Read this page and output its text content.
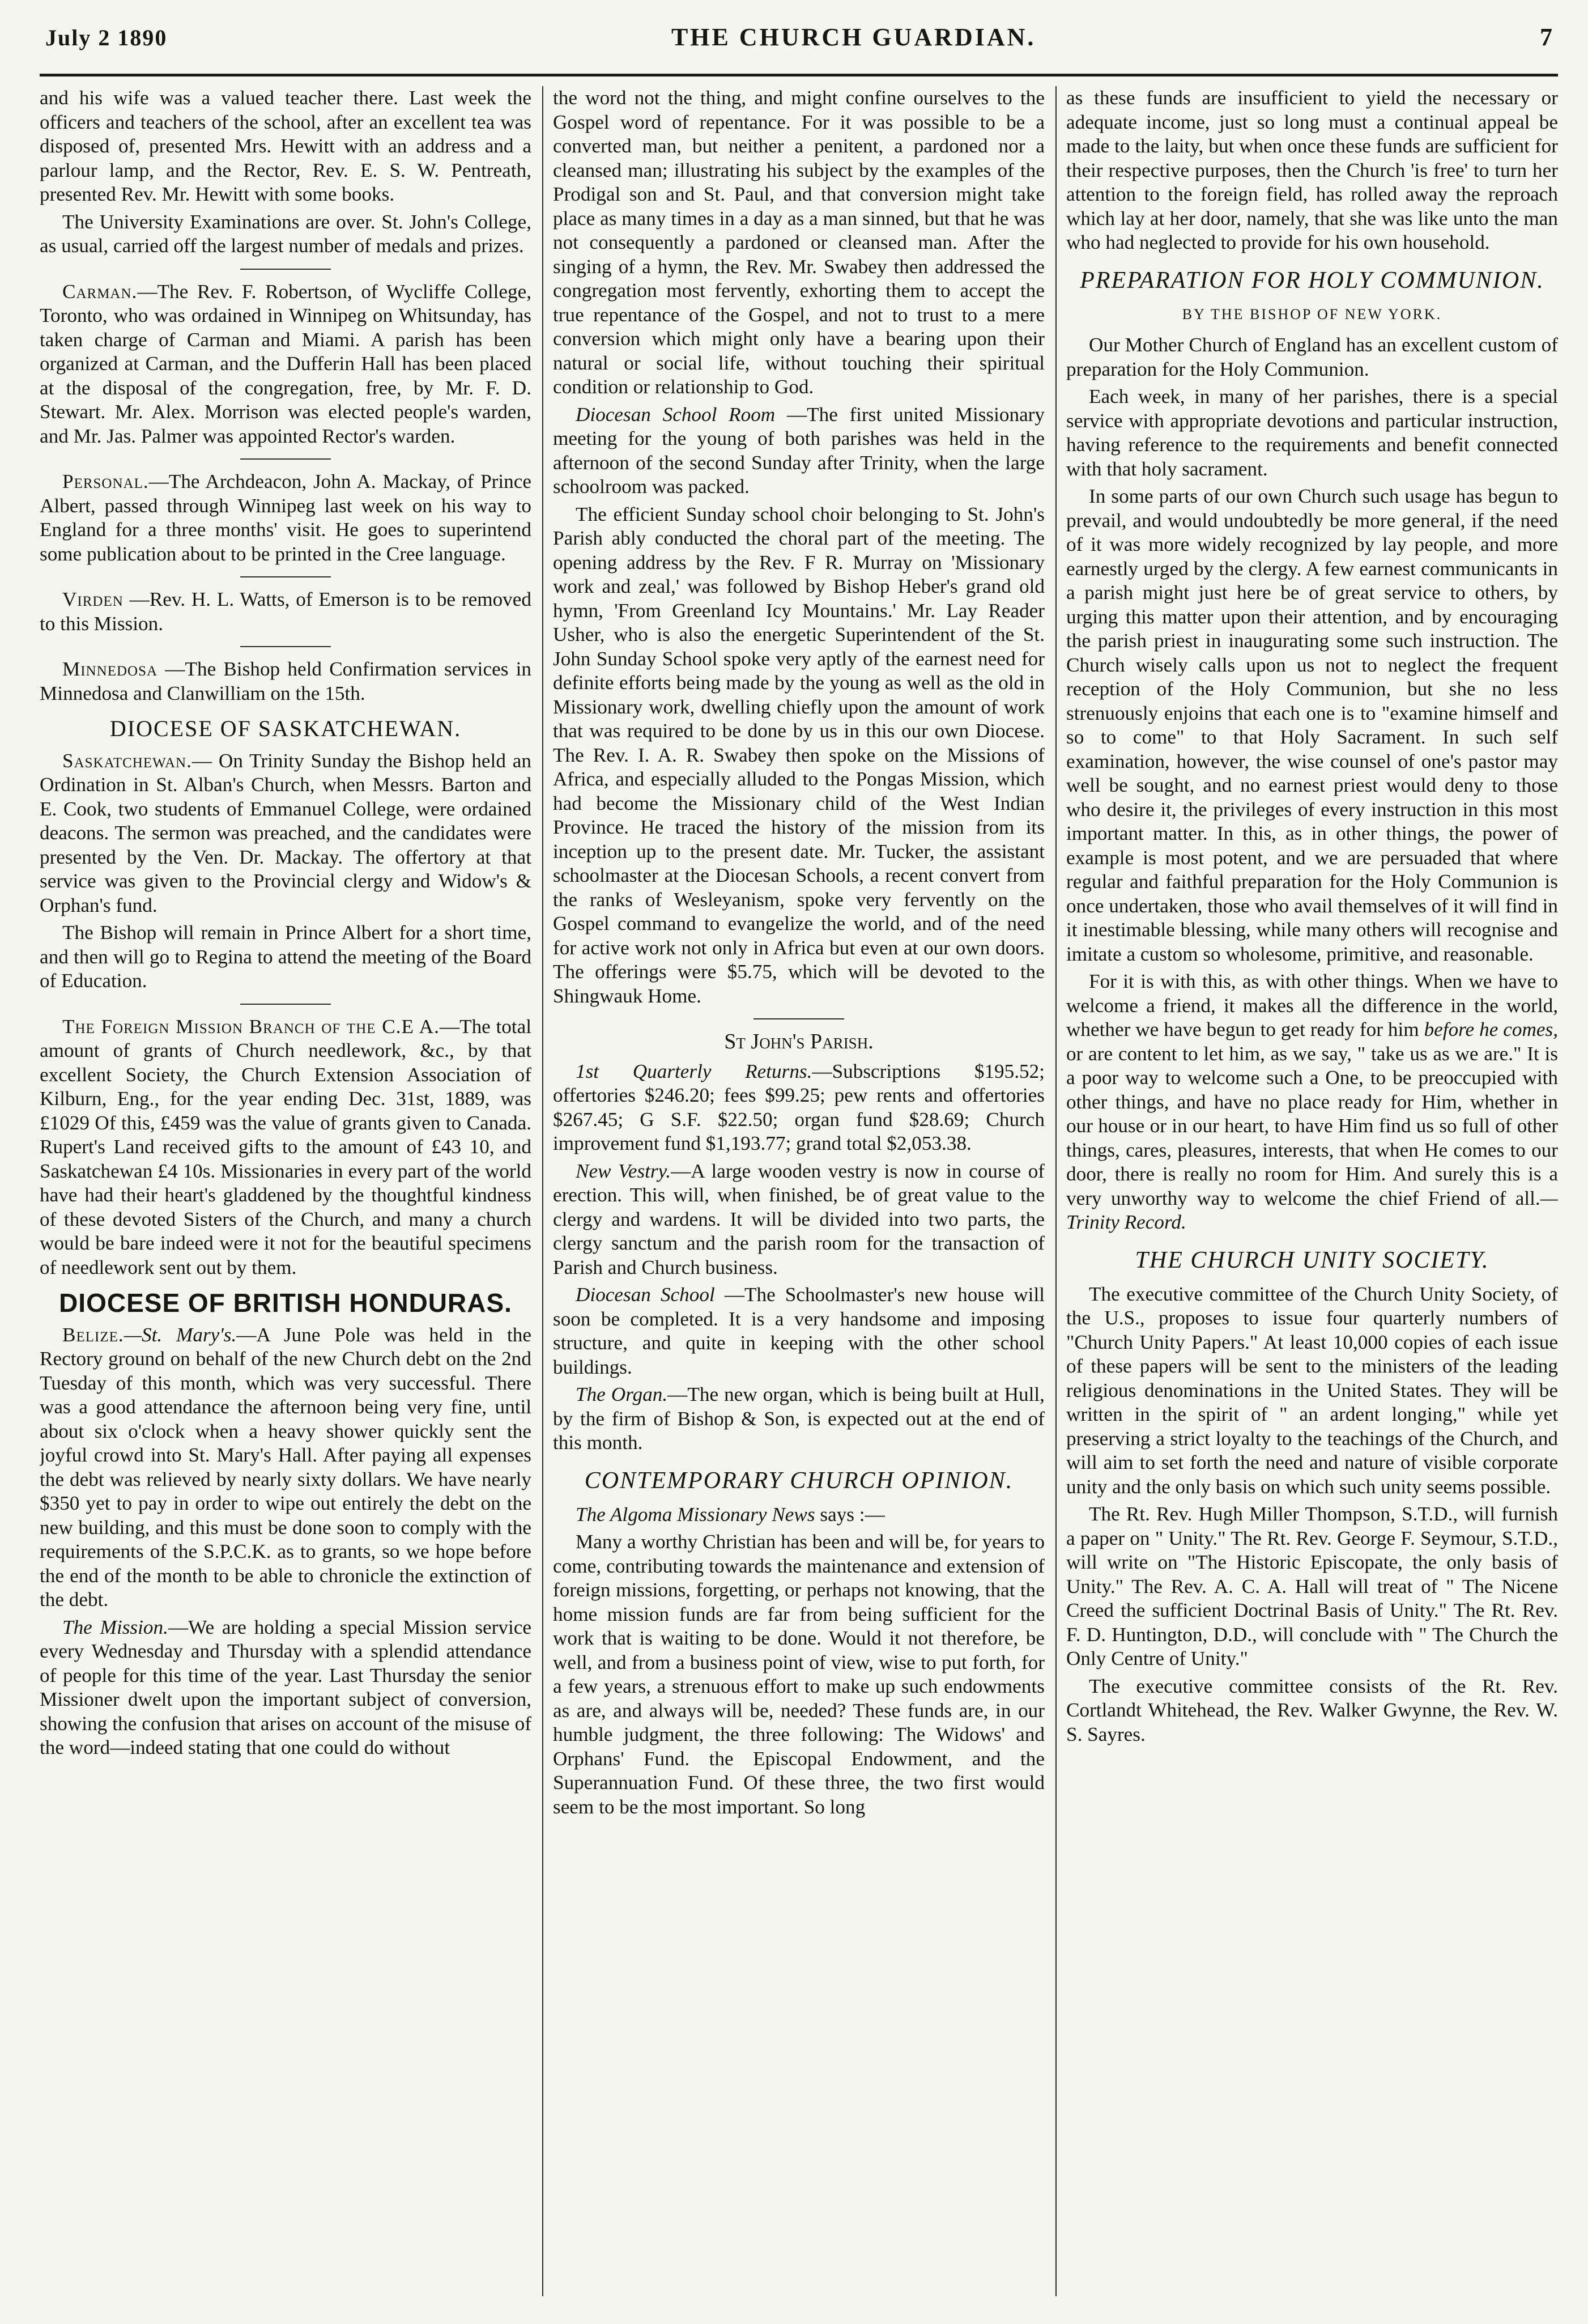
July 2 1890	THE CHURCH GUARDIAN.	7

and his wife was a valued teacher there. Last week the officers and teachers of the school, after an excellent tea was disposed of, presented Mrs. Hewitt with an address and a parlour lamp, and the Rector, Rev. E. S. W. Pentreath, presented Rev. Mr. Hewitt with some books.

The University Examinations are over. St. John's College, as usual, carried off the largest number of medals and prizes.

Carman.—The Rev. F. Robertson, of Wycliffe College, Toronto, who was ordained in Winnipeg on Whitsunday, has taken charge of Carman and Miami. A parish has been organized at Carman, and the Dufferin Hall has been placed at the disposal of the congregation, free, by Mr. F. D. Stewart. Mr. Alex. Morrison was elected people's warden, and Mr. Jas. Palmer was appointed Rector's warden.

Personal.—The Archdeacon, John A. Mackay, of Prince Albert, passed through Winnipeg last week on his way to England for a three months' visit. He goes to superintend some publication about to be printed in the Cree language.

Virden —Rev. H. L. Watts, of Emerson is to be removed to this Mission.

Minnedosa —The Bishop held Confirmation services in Minnedosa and Clanwilliam on the 15th.

DIOCESE OF SASKATCHEWAN.

Saskatchewan.— On Trinity Sunday the Bishop held an Ordination in St. Alban's Church, when Messrs. Barton and E. Cook, two students of Emmanuel College, were ordained deacons. The sermon was preached, and the candidates were presented by the Ven. Dr. Mackay. The offertory at that service was given to the Provincial clergy and Widow's & Orphan's fund.

The Bishop will remain in Prince Albert for a short time, and then will go to Regina to attend the meeting of the Board of Education.

The Foreign Mission Branch of the C.E A.—The total amount of grants of Church needlework, &c., by that excellent Society, the Church Extension Association of Kilburn, Eng., for the year ending Dec. 31st, 1889, was £1029 Of this, £459 was the value of grants given to Canada. Rupert's Land received gifts to the amount of £43 10, and Saskatchewan £4 10s. Missionaries in every part of the world have had their heart's gladdened by the thoughtful kindness of these devoted Sisters of the Church, and many a church would be bare indeed were it not for the beautiful specimens of needlework sent out by them.

DIOCESE OF BRITISH HONDURAS.

Belize.—St. Mary's.—A June Pole was held in the Rectory ground on behalf of the new Church debt on the 2nd Tuesday of this month, which was very successful. There was a good attendance the afternoon being very fine, until about six o'clock when a heavy shower quickly sent the joyful crowd into St. Mary's Hall. After paying all expenses the debt was relieved by nearly sixty dollars. We have nearly $350 yet to pay in order to wipe out entirely the debt on the new building, and this must be done soon to comply with the requirements of the S.P.C.K. as to grants, so we hope before the end of the month to be able to chronicle the extinction of the debt.

The Mission.—We are holding a special Mission service every Wednesday and Thursday with a splendid attendance of people for this time of the year. Last Thursday the senior Missioner dwelt upon the important subject of conversion, showing the confusion that arises on account of the misuse of the word—indeed stating that one could do without

the word not the thing, and might confine ourselves to the Gospel word of repentance. For it was possible to be a converted man, but neither a penitent, a pardoned nor a cleansed man; illustrating his subject by the examples of the Prodigal son and St. Paul, and that conversion might take place as many times in a day as a man sinned, but that he was not consequently a pardoned or cleansed man. After the singing of a hymn, the Rev. Mr. Swabey then addressed the congregation most fervently, exhorting them to accept the true repentance of the Gospel, and not to trust to a mere conversion which might only have a bearing upon their natural or social life, without touching their spiritual condition or relationship to God.

Diocesan School Room —The first united Missionary meeting for the young of both parishes was held in the afternoon of the second Sunday after Trinity, when the large schoolroom was packed.

The efficient Sunday school choir belonging to St. John's Parish ably conducted the choral part of the meeting. The opening address by the Rev. F R. Murray on 'Missionary work and zeal,' was followed by Bishop Heber's grand old hymn, 'From Greenland Icy Mountains.' Mr. Lay Reader Usher, who is also the energetic Superintendent of the St. John Sunday School spoke very aptly of the earnest need for definite efforts being made by the young as well as the old in Missionary work, dwelling chiefly upon the amount of work that was required to be done by us in this our own Diocese. The Rev. I. A. R. Swabey then spoke on the Missions of Africa, and especially alluded to the Pongas Mission, which had become the Missionary child of the West Indian Province. He traced the history of the mission from its inception up to the present date. Mr. Tucker, the assistant schoolmaster at the Diocesan Schools, a recent convert from the ranks of Wesleyanism, spoke very fervently on the Gospel command to evangelize the world, and of the need for active work not only in Africa but even at our own doors. The offerings were $5.75, which will be devoted to the Shingwauk Home.

St John's Parish.

1st Quarterly Returns.—Subscriptions $195.52; offertories $246.20; fees $99.25; pew rents and offertories $267.45; G S.F. $22.50; organ fund $28.69; Church improvement fund $1,193.77; grand total $2,053.38.

New Vestry.—A large wooden vestry is now in course of erection. This will, when finished, be of great value to the clergy and wardens. It will be divided into two parts, the clergy sanctum and the parish room for the transaction of Parish and Church business.

Diocesan School —The Schoolmaster's new house will soon be completed. It is a very handsome and imposing structure, and quite in keeping with the other school buildings.

The Organ.—The new organ, which is being built at Hull, by the firm of Bishop & Son, is expected out at the end of this month.

CONTEMPORARY CHURCH OPINION.

The Algoma Missionary News says :—

Many a worthy Christian has been and will be, for years to come, contributing towards the maintenance and extension of foreign missions, forgetting, or perhaps not knowing, that the home mission funds are far from being sufficient for the work that is waiting to be done. Would it not therefore, be well, and from a business point of view, wise to put forth, for a few years, a strenuous effort to make up such endowments as are, and always will be, needed? These funds are, in our humble judgment, the three following: The Widows' and Orphans' Fund. the Episcopal Endowment, and the Superannuation Fund. Of these three, the two first would seem to be the most important. So long

as these funds are insufficient to yield the necessary or adequate income, just so long must a continual appeal be made to the laity, but when once these funds are sufficient for their respective purposes, then the Church 'is free' to turn her attention to the foreign field, has rolled away the reproach which lay at her door, namely, that she was like unto the man who had neglected to provide for his own household.

PREPARATION FOR HOLY COMMUNION.
BY THE BISHOP OF NEW YORK.

Our Mother Church of England has an excellent custom of preparation for the Holy Communion.

Each week, in many of her parishes, there is a special service with appropriate devotions and particular instruction, having reference to the requirements and benefit connected with that holy sacrament.

In some parts of our own Church such usage has begun to prevail, and would undoubtedly be more general, if the need of it was more widely recognized by lay people, and more earnestly urged by the clergy. A few earnest communicants in a parish might just here be of great service to others, by urging this matter upon their attention, and by encouraging the parish priest in inaugurating some such instruction. The Church wisely calls upon us not to neglect the frequent reception of the Holy Communion, but she no less strenuously enjoins that each one is to "examine himself and so to come" to that Holy Sacrament. In such self examination, however, the wise counsel of one's pastor may well be sought, and no earnest priest would deny to those who desire it, the privileges of every instruction in this most important matter. In this, as in other things, the power of example is most potent, and we are persuaded that where regular and faithful preparation for the Holy Communion is once undertaken, those who avail themselves of it will find in it inestimable blessing, while many others will recognise and imitate a custom so wholesome, primitive, and reasonable.

For it is with this, as with other things. When we have to welcome a friend, it makes all the difference in the world, whether we have begun to get ready for him before he comes, or are content to let him, as we say, " take us as we are." It is a poor way to welcome such a One, to be preoccupied with other things, and have no place ready for Him, whether in our house or in our heart, to have Him find us so full of other things, cares, pleasures, interests, that when He comes to our door, there is really no room for Him. And surely this is a very unworthy way to welcome the chief Friend of all.—Trinity Record.

THE CHURCH UNITY SOCIETY.

The executive committee of the Church Unity Society, of the U.S., proposes to issue four quarterly numbers of "Church Unity Papers." At least 10,000 copies of each issue of these papers will be sent to the ministers of the leading religious denominations in the United States. They will be written in the spirit of " an ardent longing," while yet preserving a strict loyalty to the teachings of the Church, and will aim to set forth the need and nature of visible corporate unity and the only basis on which such unity seems possible.

The Rt. Rev. Hugh Miller Thompson, S.T.D., will furnish a paper on " Unity." The Rt. Rev. George F. Seymour, S.T.D., will write on "The Historic Episcopate, the only basis of Unity." The Rev. A. C. A. Hall will treat of " The Nicene Creed the sufficient Doctrinal Basis of Unity." The Rt. Rev. F. D. Huntington, D.D., will conclude with " The Church the Only Centre of Unity."

The executive committee consists of the Rt. Rev. Cortlandt Whitehead, the Rev. Walker Gwynne, the Rev. W. S. Sayres.
